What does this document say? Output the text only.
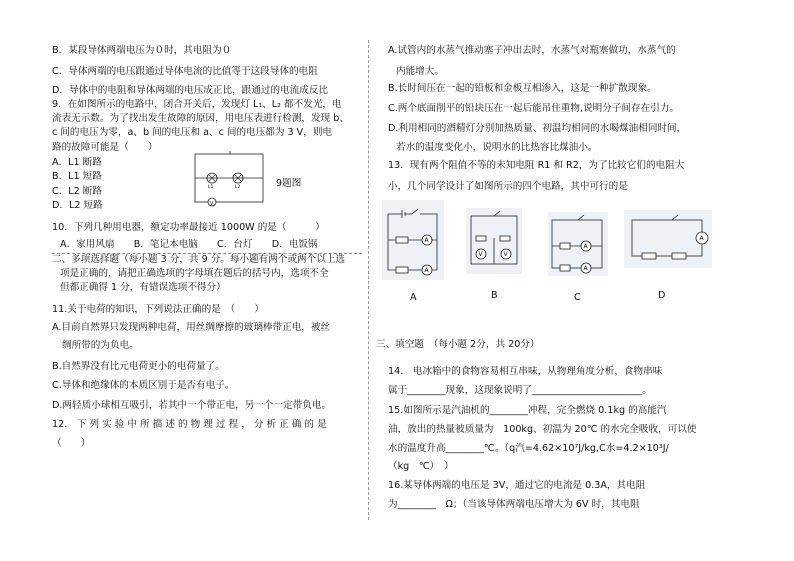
B．某段导体两端电压为０时，其电阻为０
C．导体两端的电压跟通过导体电流的比值等于这段导体的电阻
D．导体中的电阻和导体两端的电压成正比，跟通过的电流成反比
9．在如图所示的电路中，闭合开关后，发现灯 L₁、L₂ 都不发光，电
流表无示数。为了找出发生故障的原因，用电压表进行检测，发现 b、
c 间的电压为零，a、b 间的电压和 a、c 间的电压都为 3 V，则电
路的故障可能是（　　）
A．L1 断路
B．L1 短路
C．L2 断路
D．L2 短路	V
L1	L2	9题图
10．下列几种用电器，额定功率最接近 1000W 的是（　　　）
A．家用风扇　　B．笔记本电脑　　C．台灯　　D．电饭锅
二、多项选择题（每小题 3 分，共 9 分。每小题有两个或两个以上选
项是正确的，请把正确选项的字母填在题后的括号内，选项不全
但都正确得 1 分，有错误选项不得分）
11.关于电荷的知识，下列说法正确的是　（　　）
A.目前自然界只发现两种电荷，用丝绸摩擦的玻璃棒带正电，被丝
绸所带的为负电。
B.自然界没有比元电荷更小的电荷量了。
C.导体和绝缘体的本质区别于是否有电子。
D.两轻质小球相互吸引，若其中一个带正电，另一个一定带负电。
12.　下 列 实 验 中 所 描 述 的 物 理 过 程 ， 分 析 正 确 的 是
（　　）
A.试管内的水蒸气推动塞子冲出去时，水蒸气对瓶塞做功，水蒸气的
内能增大。
B.长时间压在一起的铅板和金板互相渗入，这是一种扩散现象。
C.两个底面削平的铅块压在一起后能吊住重物,说明分子间存在引力。
D.利用相同的酒精灯分别加热质量、初温均相同的水喝煤油相同时间，
若水的温度变化小，说明水的比热容比煤油小。
13．现有两个阻值不等的未知电阻 R1 和 R2，为了比较它们的电阻大
小，几个同学设计了如图所示的四个电路，其中可行的是
A
A
A
V	V
B
A
A
C
A
D
三、填空题　（每小题 2分，共 20分）
14.　电冰箱中的食物容易相互串味，从物理角度分析，食物串味
属于________现象，这现象说明了_______________________。
15.如图所示是汽油机的________冲程，完全燃烧 0.1kg 的高能汽
油，放出的热量被质量为　100kg、初温为 20℃ 的水完全吸收，可以使
水的温度升高________℃。（q汽=4.62×10⁷J/kg,C水=4.2×10³J/
（kg　℃）　）
16.某导体两端的电压是 3V，通过它的电流是 0.3A，其电阻
为________　Ω；（当该导体两端电压增大为 6V 时，其电阻
